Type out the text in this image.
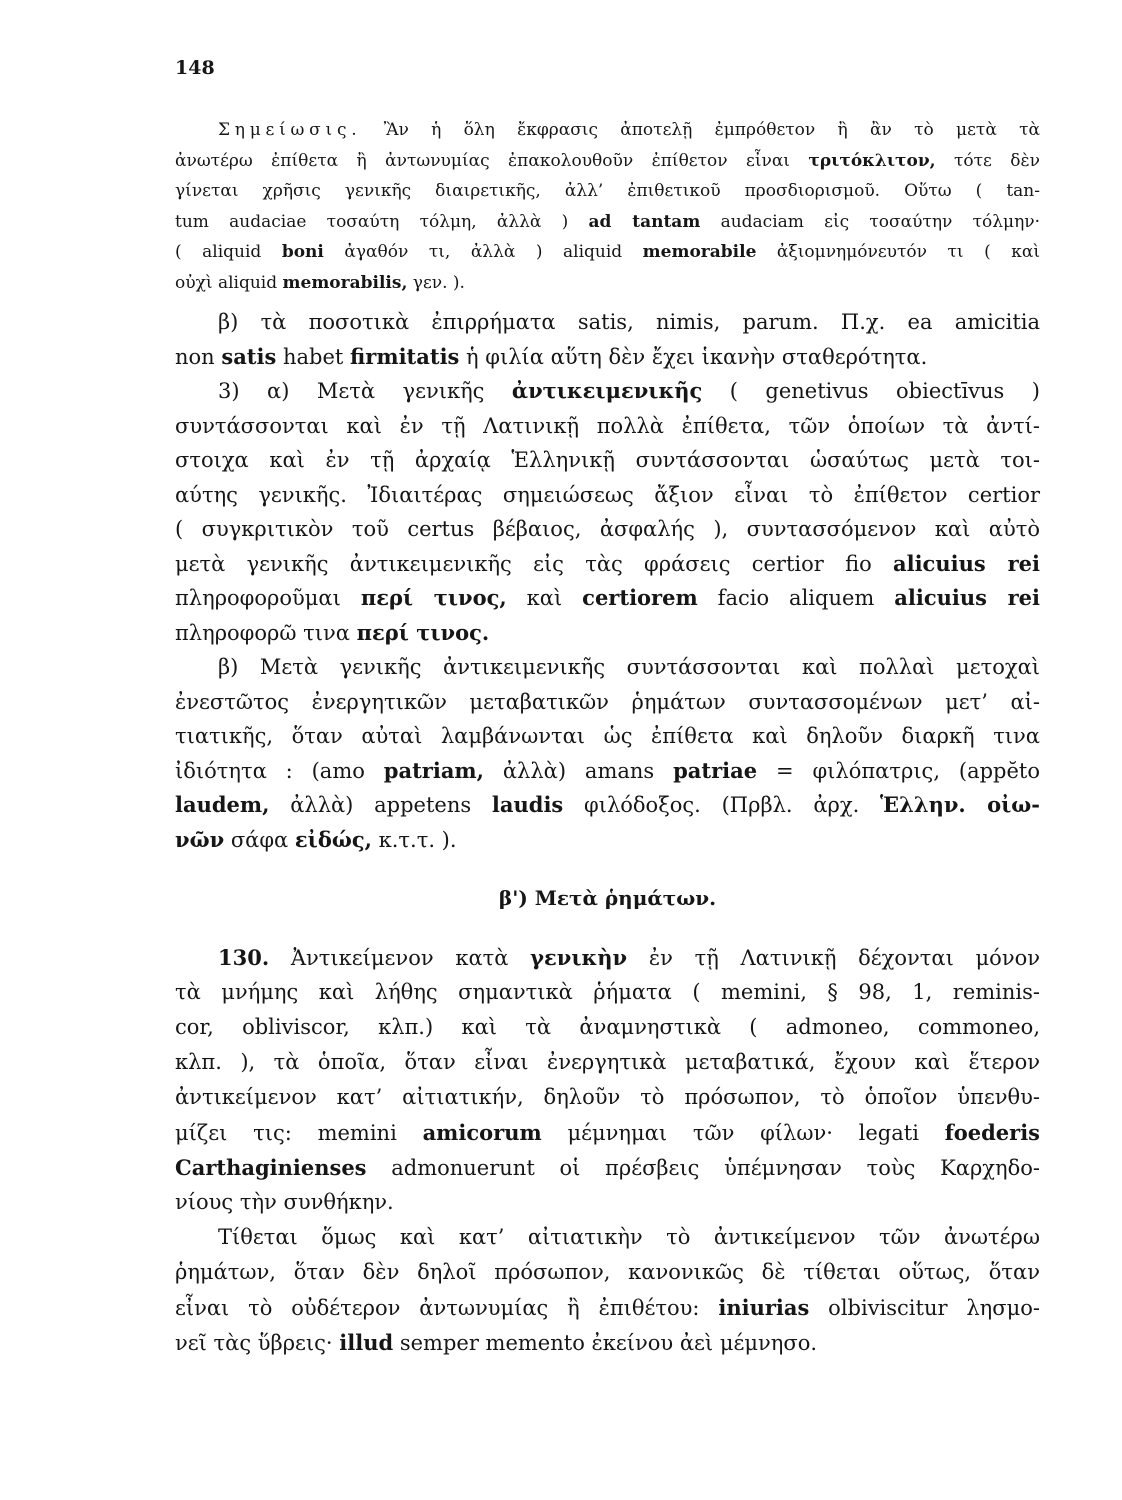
148
Σημείωσις. Ἂν ἡ ὅλη ἔκφρασις ἀποτελῇ ἐμπρόθετον ἢ ἂν τὸ μετὰ τὰ
ἀνωτέρω ἐπίθετα ἢ ἀντωνυμίας ἐπακολουθοῦν ἐπίθετον εἶναι τριτόκλιτον, τότε δὲν
γίνεται χρῆσις γενικῆς διαιρετικῆς, ἀλλ’ ἐπιθετικοῦ προσδιορισμοῦ. Οὕτω ( tan-
tum audaciae τοσαύτη τόλμη, ἀλλὰ ) ad tantam audaciam εἰς τοσαύτην τόλμην·
( aliquid boni ἀγαθόν τι, ἀλλὰ ) aliquid memorabile ἀξιομνημόνευτόν τι ( καὶ
οὐχὶ aliquid memorabilis, γεν. ).
β) τὰ ποσοτικὰ ἐπιρρήματα satis, nimis, parum. Π.χ. ea amicitia
non satis habet firmitatis ἡ φιλία αὕτη δὲν ἔχει ἱκανὴν σταθερότητα.
3) α) Μετὰ γενικῆς ἀντικειμενικῆς ( genetivus obiectīvus )
συντάσσονται καὶ ἐν τῇ Λατινικῇ πολλὰ ἐπίθετα, τῶν ὁποίων τὰ ἀντί-
στοιχα καὶ ἐν τῇ ἀρχαίᾳ Ἑλληνικῇ συντάσσονται ὡσαύτως μετὰ τοι-
αύτης γενικῆς. Ἰδιαιτέρας σημειώσεως ἄξιον εἶναι τὸ ἐπίθετον certior
( συγκριτικὸν τοῦ certus βέβαιος, ἀσφαλής ), συντασσόμενον καὶ αὐτὸ
μετὰ γενικῆς ἀντικειμενικῆς εἰς τὰς φράσεις certior fio alicuius rei
πληροφοροῦμαι περί τινος, καὶ certiorem facio aliquem alicuius rei
πληροφορῶ τινα περί τινος.
β) Μετὰ γενικῆς ἀντικειμενικῆς συντάσσονται καὶ πολλαὶ μετοχαὶ
ἐνεστῶτος ἐνεργητικῶν μεταβατικῶν ῥημάτων συντασσομένων μετ’ αἰ-
τιατικῆς, ὅταν αὐταὶ λαμβάνωνται ὡς ἐπίθετα καὶ δηλοῦν διαρκῆ τινα
ἰδιότητα : (amo patriam, ἀλλὰ) amans patriae = φιλόπατρις, (appĕto
laudem, ἀλλὰ) appetens laudis φιλόδοξος. (Πρβλ. ἀρχ. Ἑλλην. οἰω-
νῶν σάφα εἰδώς, κ.τ.τ. ).
β') Μετὰ ῥημάτων.
130. Ἀντικείμενον κατὰ γενικὴν ἐν τῇ Λατινικῇ δέχονται μόνον
τὰ μνήμης καὶ λήθης σημαντικὰ ῥήματα ( memini, § 98, 1, reminis-
cor, obliviscor, κλπ.) καὶ τὰ ἀναμνηστικὰ ( admoneo, commoneo,
κλπ. ), τὰ ὁποῖα, ὅταν εἶναι ἐνεργητικὰ μεταβατικά, ἔχουν καὶ ἕτερον
ἀντικείμενον κατ’ αἰτιατικήν, δηλοῦν τὸ πρόσωπον, τὸ ὁποῖον ὑπενθυ-
μίζει τις: memini amicorum μέμνημαι τῶν φίλων· legati foederis
Carthaginienses admonuerunt οἱ πρέσβεις ὑπέμνησαν τοὺς Καρχηδο-
νίους τὴν συνθήκην.
Τίθεται ὅμως καὶ κατ’ αἰτιατικὴν τὸ ἀντικείμενον τῶν ἀνωτέρω
ῥημάτων, ὅταν δὲν δηλοῖ πρόσωπον, κανονικῶς δὲ τίθεται οὕτως, ὅταν
εἶναι τὸ οὐδέτερον ἀντωνυμίας ἢ ἐπιθέτου: iniurias olbiviscitur λησμο-
νεῖ τὰς ὕβρεις· illud semper memento ἐκείνου ἀεὶ μέμνησο.
